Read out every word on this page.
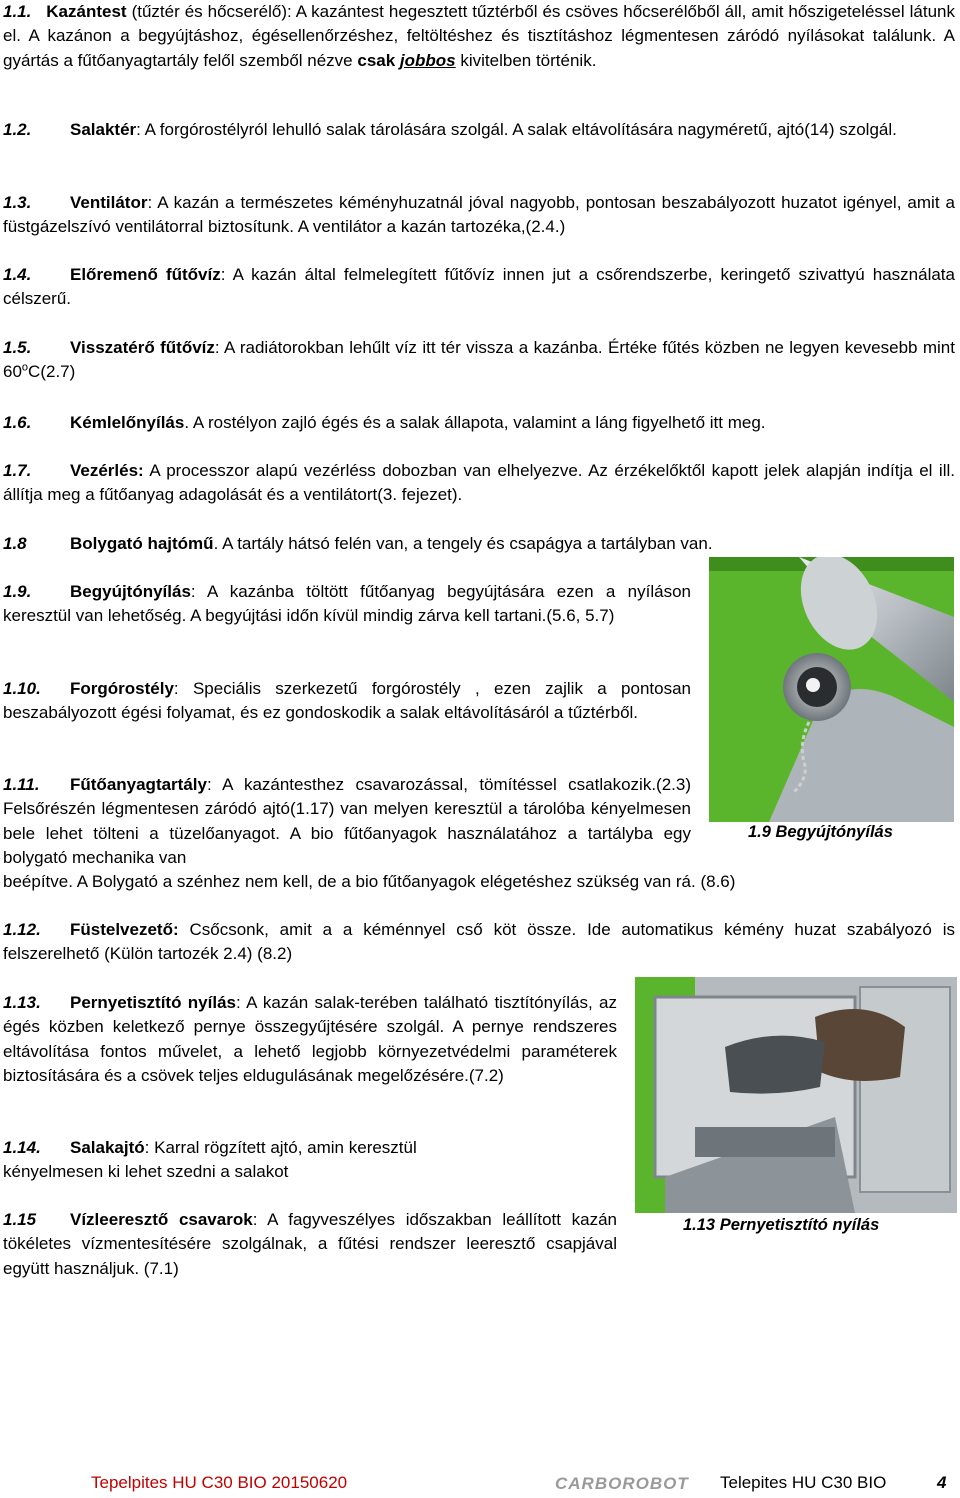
1.1. Kazántest (tűztér és hőcserélő): A kazántest hegesztett tűztérből és csöves hőcserélőből áll, amit hőszigeteléssel látunk el. A kazánon a begyújtáshoz, égésellenőrzéshez, feltöltéshez és tisztításhoz légmentesen záródó nyílásokat találunk. A gyártás a fűtőanyagtartály felől szemből nézve csak jobbos kivitelben történik.

1.2. Salaktér: A forgórostélyról lehulló salak tárolására szolgál. A salak eltávolítására nagyméretű, ajtó(14) szolgál.

1.3. Ventilátor: A kazán a természetes kéményhuzatnál jóval nagyobb, pontosan beszabályozott huzatot igényel, amit a füstgázelszívó ventilátorral biztosítunk. A ventilátor a kazán tartozéka,(2.4.)

1.4. Előremenő fűtővíz: A kazán által felmelegített fűtővíz innen jut a csőrendszerbe, keringető szivattyú használata célszerű.

1.5. Visszatérő fűtővíz: A radiátorokban lehűlt víz itt tér vissza a kazánba. Értéke fűtés közben ne legyen kevesebb mint 60$^o$C(2.7)

1.6. Kémlelőnyílás. A rostélyon zajló égés és a salak állapota, valamint a láng figyelhető itt meg.

1.7. Vezérlés: A processzor alapú vezérléss dobozban van elhelyezve. Az érzékelőktől kapott jelek alapján indítja el ill. állítja meg a fűtőanyag adagolását és a ventilátort(3. fejezet).

1.8	Bolygató hajtómű. A tartály hátsó felén van, a tengely és csapágya a tartályban van.

1.9. Begyújtónyílás: A kazánba töltött fűtőanyag begyújtására ezen a nyíláson keresztül van lehetőség. A begyújtási időn kívül mindig zárva kell tartani.(5.6, 5.7)

1.10. Forgórostély: Speciális szerkezetű forgórostély , ezen zajlik a pontosan beszabályozott égési folyamat, és ez gondoskodik a salak eltávolításáról a tűztérből.

1.11. Fűtőanyagtartály: A kazántesthez csavarozással, tömítéssel csatlakozik.(2.3) Felsőrészén légmentesen záródó ajtó(1.17) van melyen keresztül a tárolóba kényelmesen bele lehet tölteni a tüzelőanyagot. A bio fűtőanyagok használatához a tartályba egy bolygató mechanika van

beépítve. A Bolygató a szénhez nem kell, de a bio fűtőanyagok elégetéshez szükség van rá. (8.6)

1.9 Begyújtónyílás

1.12. Füstelvezető: Csőcsonk, amit a a kéménnyel cső köt össze. Ide automatikus kémény huzat szabályozó is felszerelhető (Külön tartozék 2.4) (8.2)

1.13. Pernyetisztító nyílás: A kazán salak-terében található tisztítónyílás, az égés közben keletkező pernye összegyűjtésére szolgál. A pernye rendszeres eltávolítása fontos művelet, a lehető legjobb környezetvédelmi paraméterek biztosítására és a csövek teljes eldugulásának megelőzésére.(7.2)

1.14. Salakajtó: Karral rögzített ajtó, amin keresztül kényelmesen ki lehet szedni a salakot

1.15 Vízleeresztő csavarok: A fagyveszélyes időszakban leállított kazán tökéletes vízmentesítésére szolgálnak, a fűtési rendszer leeresztő csapjával együtt használjuk. (7.1)

1.13 Pernyetisztító nyílás
Tepelpites HU C30 BIO 20150620	CARBOROBOT Telepites HU C30 BIO	4
